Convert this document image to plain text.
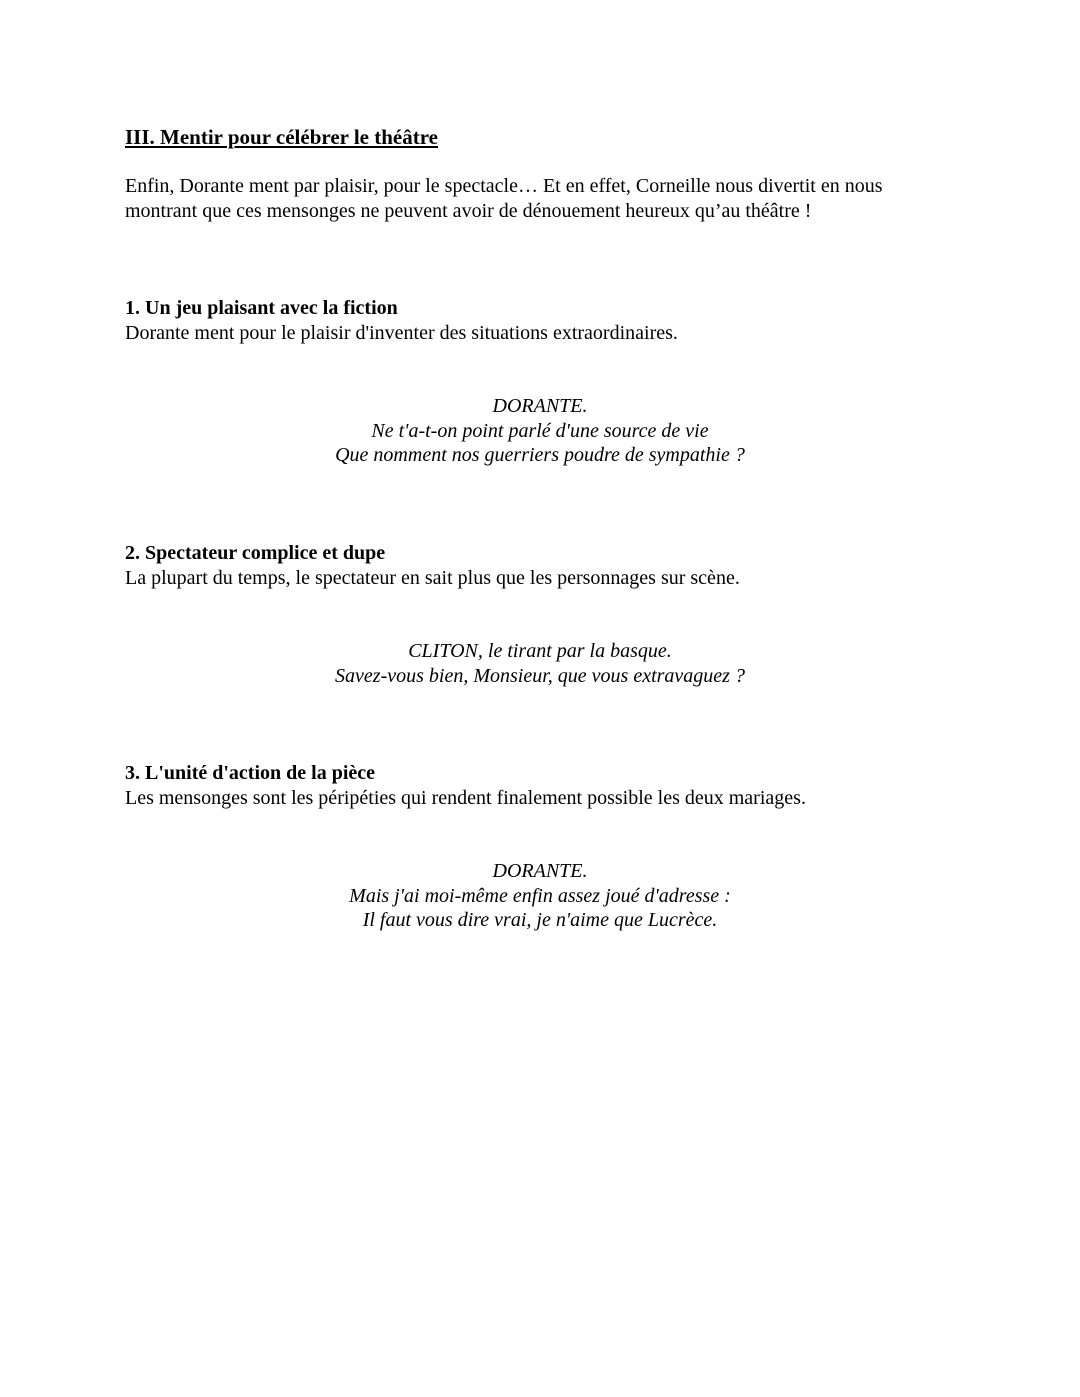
III. Mentir pour célébrer le théâtre
Enfin, Dorante ment par plaisir, pour le spectacle… Et en effet, Corneille nous divertit en nous
montrant que ces mensonges ne peuvent avoir de dénouement heureux qu’au théâtre !
1. Un jeu plaisant avec la fiction
Dorante ment pour le plaisir d'inventer des situations extraordinaires.
DORANTE.
Ne t'a-t-on point parlé d'une source de vie
Que nomment nos guerriers poudre de sympathie ?
2. Spectateur complice et dupe
La plupart du temps, le spectateur en sait plus que les personnages sur scène.
CLITON, le tirant par la basque.
Savez-vous bien, Monsieur, que vous extravaguez ?
3. L'unité d'action de la pièce
Les mensonges sont les péripéties qui rendent finalement possible les deux mariages.
DORANTE.
Mais j'ai moi-même enfin assez joué d'adresse :
Il faut vous dire vrai, je n'aime que Lucrèce.
